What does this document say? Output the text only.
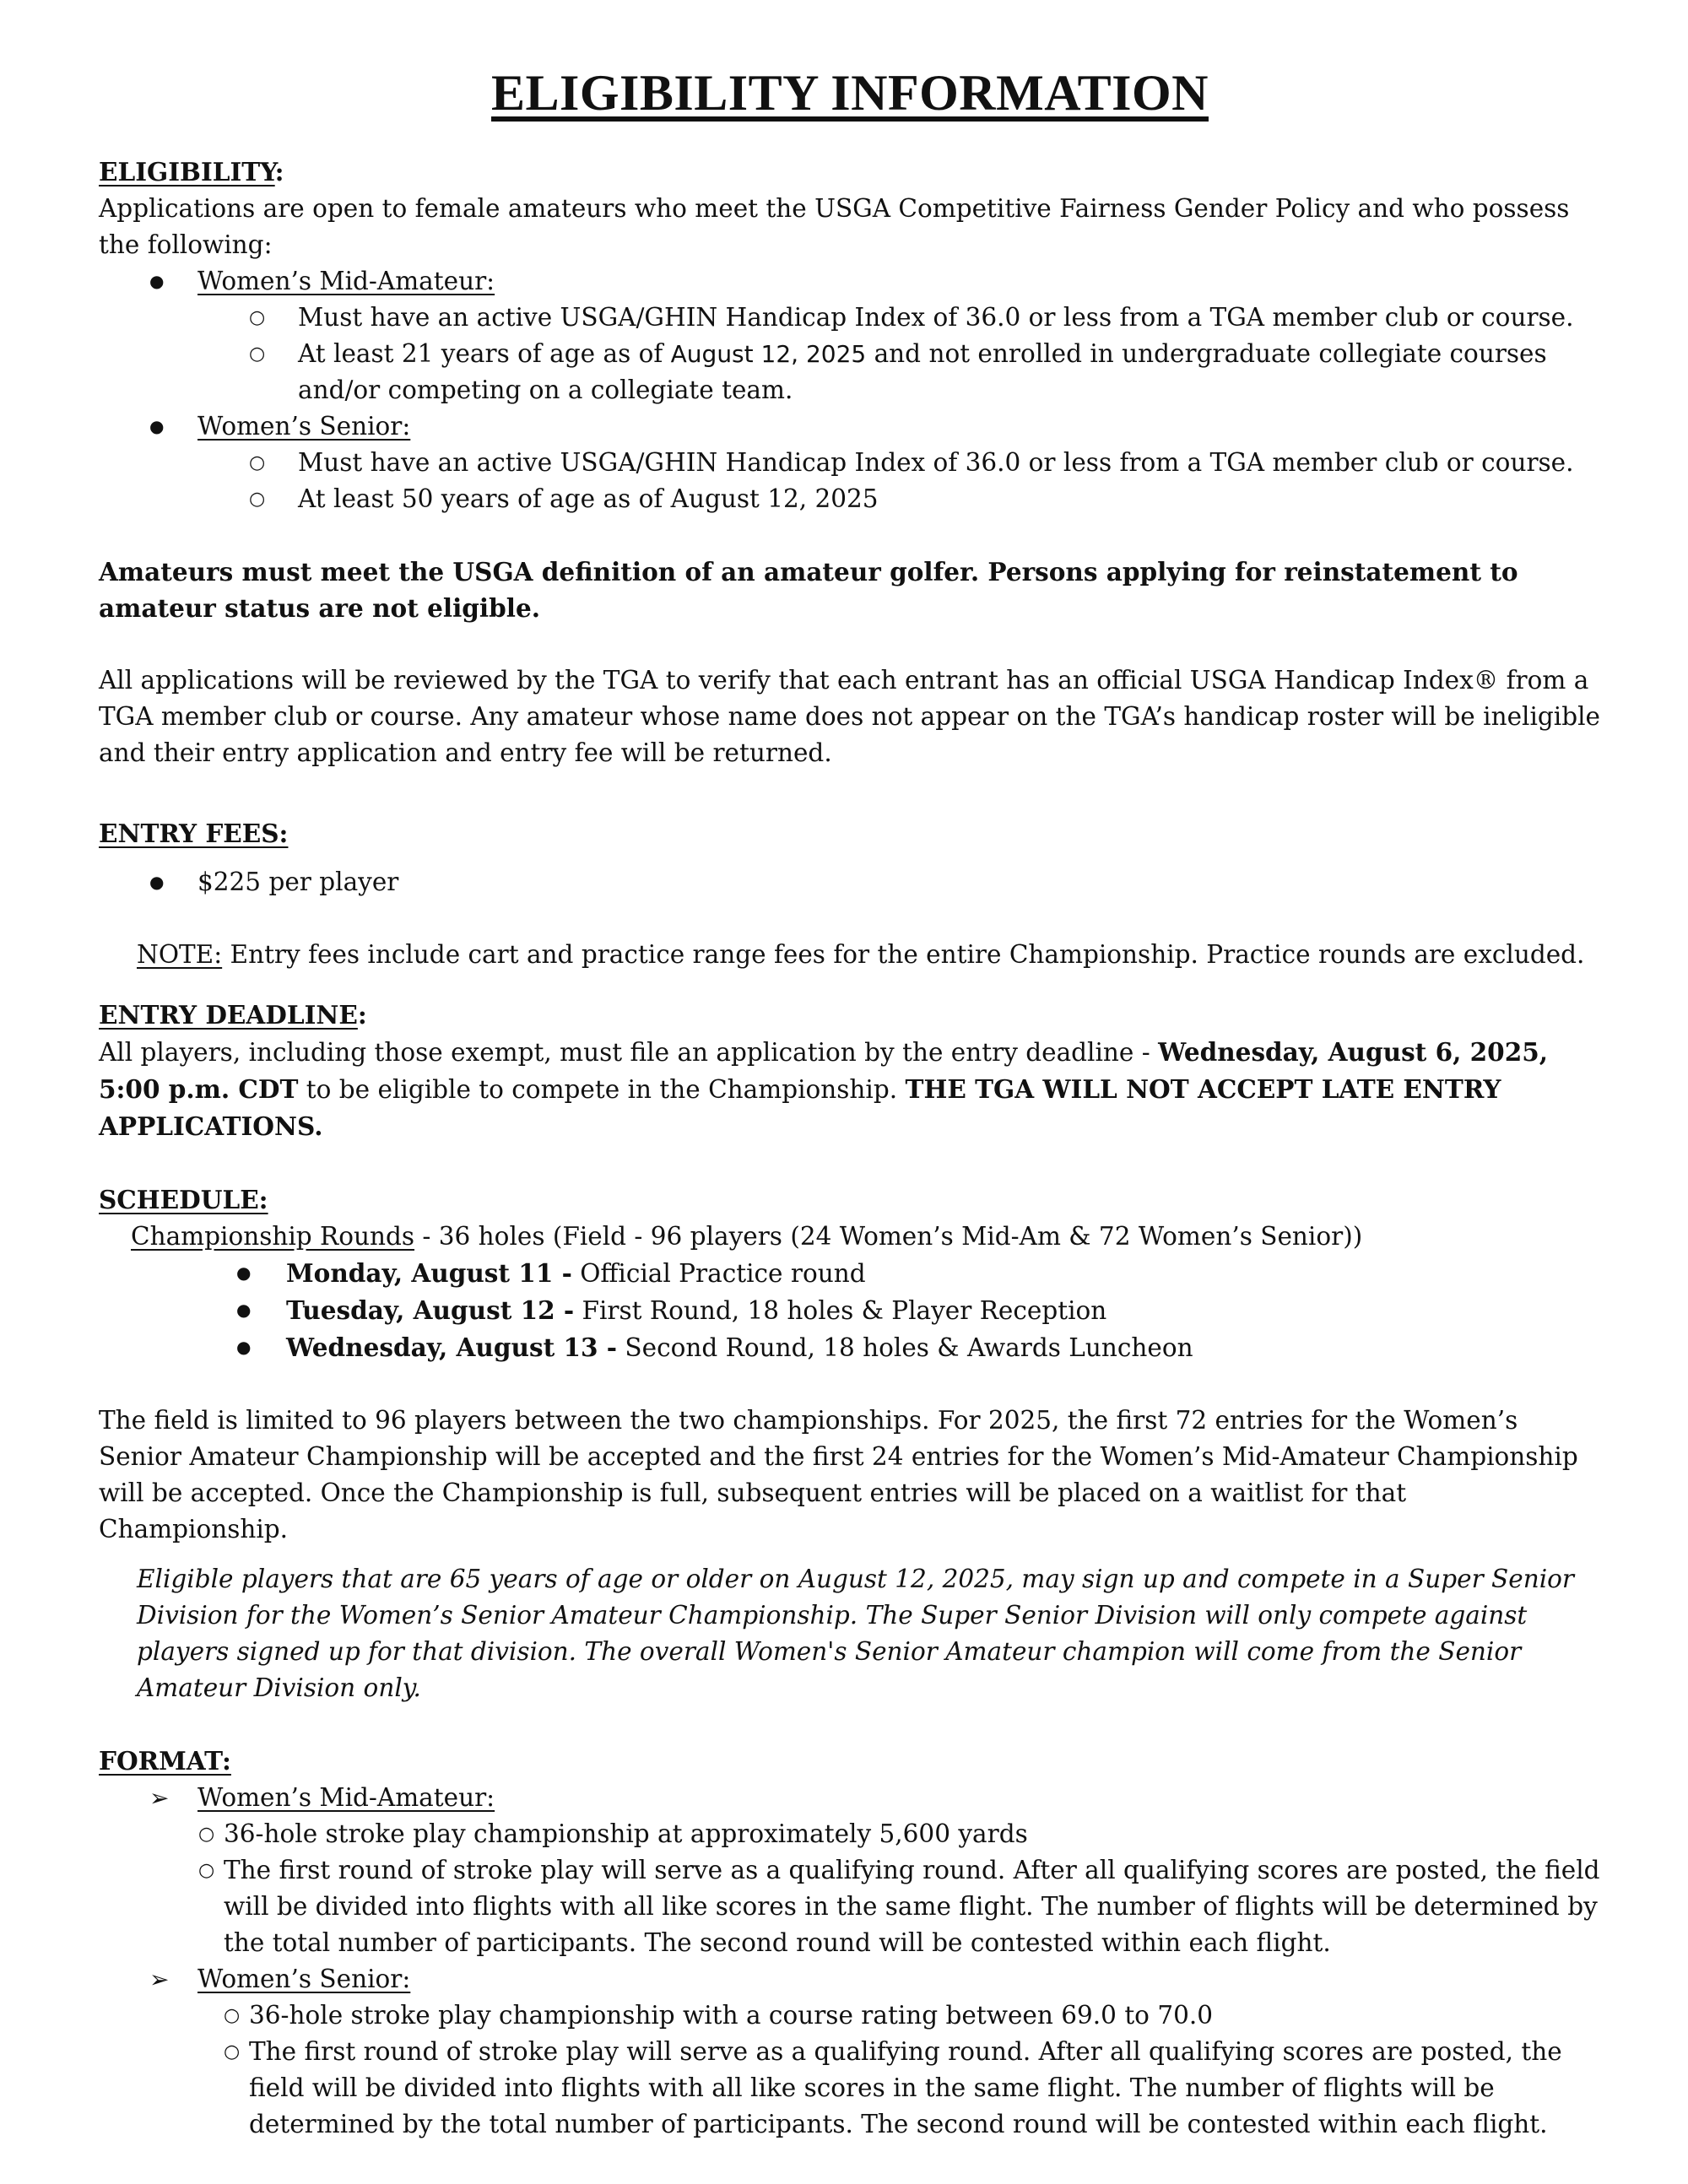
ELIGIBILITY INFORMATION

ELIGIBILITY:

Applications are open to female amateurs who meet the USGA Competitive Fairness Gender Policy and who possess the following:

● Women’s Mid-Amateur:
○ Must have an active USGA/GHIN Handicap Index of 36.0 or less from a TGA member club or course.
○ At least 21 years of age as of August 12, 2025 and not enrolled in undergraduate collegiate courses and/or competing on a collegiate team.
● Women’s Senior:
○ Must have an active USGA/GHIN Handicap Index of 36.0 or less from a TGA member club or course.
○ At least 50 years of age as of August 12, 2025

Amateurs must meet the USGA definition of an amateur golfer. Persons applying for reinstatement to amateur status are not eligible.

All applications will be reviewed by the TGA to verify that each entrant has an official USGA Handicap Index® from a TGA member club or course. Any amateur whose name does not appear on the TGA’s handicap roster will be ineligible and their entry application and entry fee will be returned.

ENTRY FEES:

● $225 per player

NOTE: Entry fees include cart and practice range fees for the entire Championship. Practice rounds are excluded.

ENTRY DEADLINE:

All players, including those exempt, must file an application by the entry deadline - Wednesday, August 6, 2025, 5:00 p.m. CDT to be eligible to compete in the Championship. THE TGA WILL NOT ACCEPT LATE ENTRY APPLICATIONS.

SCHEDULE:

Championship Rounds - 36 holes (Field - 96 players (24 Women’s Mid-Am & 72 Women’s Senior))

● Monday, August 11 - Official Practice round
● Tuesday, August 12 - First Round, 18 holes & Player Reception
● Wednesday, August 13 - Second Round, 18 holes & Awards Luncheon

The field is limited to 96 players between the two championships. For 2025, the first 72 entries for the Women’s Senior Amateur Championship will be accepted and the first 24 entries for the Women’s Mid-Amateur Championship will be accepted. Once the Championship is full, subsequent entries will be placed on a waitlist for that Championship.

Eligible players that are 65 years of age or older on August 12, 2025, may sign up and compete in a Super Senior Division for the Women’s Senior Amateur Championship. The Super Senior Division will only compete against players signed up for that division. The overall Women's Senior Amateur champion will come from the Senior Amateur Division only.

FORMAT:

➢ Women’s Mid-Amateur:
○ 36-hole stroke play championship at approximately 5,600 yards
○ The first round of stroke play will serve as a qualifying round. After all qualifying scores are posted, the field will be divided into flights with all like scores in the same flight. The number of flights will be determined by the total number of participants. The second round will be contested within each flight.
➢ Women’s Senior:
○ 36-hole stroke play championship with a course rating between 69.0 to 70.0
○ The first round of stroke play will serve as a qualifying round. After all qualifying scores are posted, the field will be divided into flights with all like scores in the same flight. The number of flights will be determined by the total number of participants. The second round will be contested within each flight.
